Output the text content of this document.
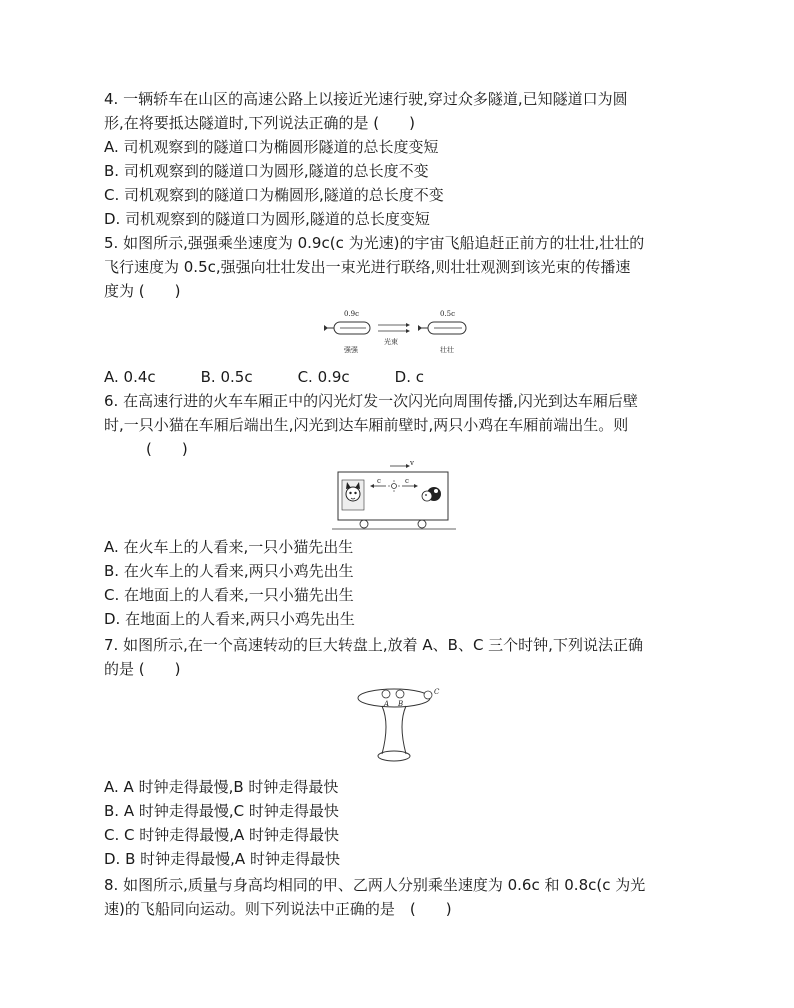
4. 一辆轿车在山区的高速公路上以接近光速行驶,穿过众多隧道,已知隧道口为圆
形,在将要抵达隧道时,下列说法正确的是 (　　)
A. 司机观察到的隧道口为椭圆形隧道的总长度变短
B. 司机观察到的隧道口为圆形,隧道的总长度不变
C. 司机观察到的隧道口为椭圆形,隧道的总长度不变
D. 司机观察到的隧道口为圆形,隧道的总长度变短
5. 如图所示,强强乘坐速度为 0.9c(c 为光速)的宇宙飞船追赶正前方的壮壮,壮壮的
飞行速度为 0.5c,强强向壮壮发出一束光进行联络,则壮壮观测到该光束的传播速
度为 (　　)
0.9c
强强
光束
0.5c
壮壮
A. 0.4c　　　B. 0.5c　　　C. 0.9c　　　D. c
6. 在高速行进的火车车厢正中的闪光灯发一次闪光向周围传播,闪光到达车厢后壁
时,一只小猫在车厢后端出生,闪光到达车厢前壁时,两只小鸡在车厢前端出生。则
(　　)
v
c	c
A. 在火车上的人看来,一只小猫先出生
B. 在火车上的人看来,两只小鸡先出生
C. 在地面上的人看来,一只小猫先出生
D. 在地面上的人看来,两只小鸡先出生
7. 如图所示,在一个高速转动的巨大转盘上,放着 A、B、C 三个时钟,下列说法正确
的是 (　　)
A B
C
A. A 时钟走得最慢,B 时钟走得最快
B. A 时钟走得最慢,C 时钟走得最快
C. C 时钟走得最慢,A 时钟走得最快
D. B 时钟走得最慢,A 时钟走得最快
8. 如图所示,质量与身高均相同的甲、乙两人分别乘坐速度为 0.6c 和 0.8c(c 为光
速)的飞船同向运动。则下列说法中正确的是　(　　)
